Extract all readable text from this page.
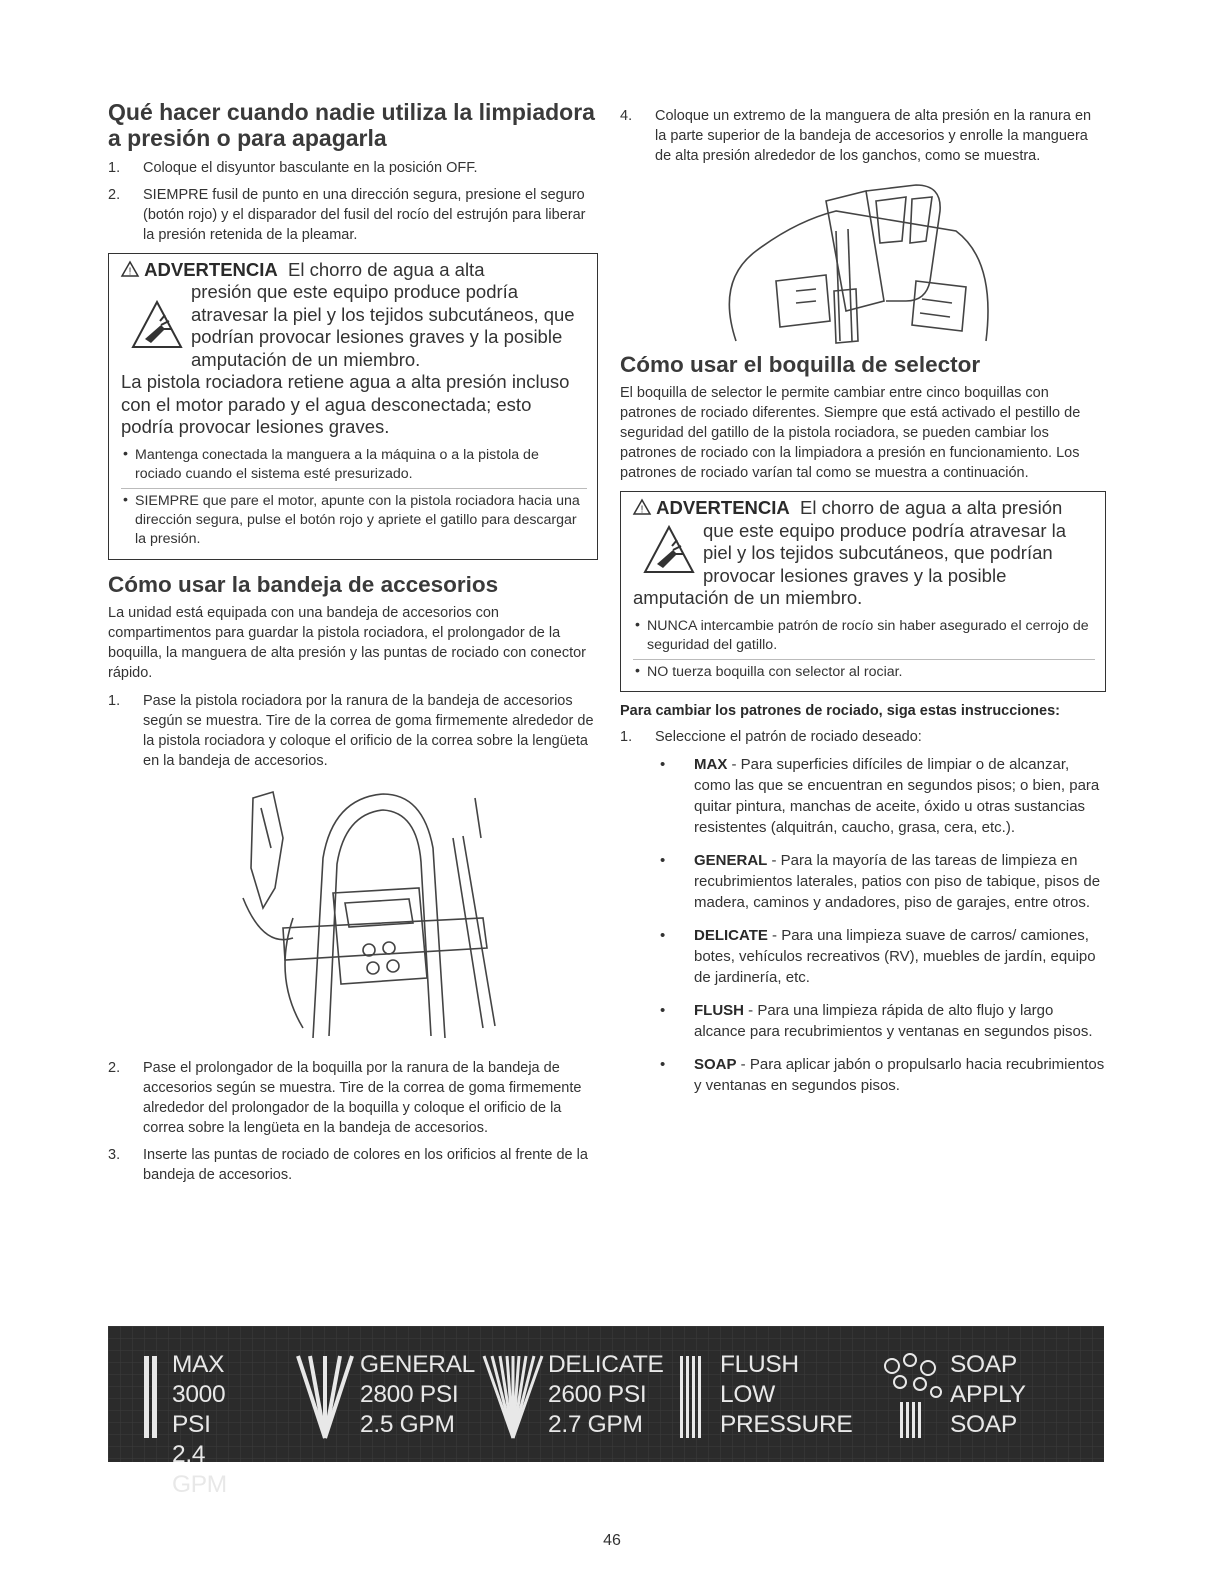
Qué hacer cuando nadie utiliza la limpiadora a presión o para apagarla
1. Coloque el disyuntor basculante en la posición OFF.
2. SIEMPRE fusil de punto en una dirección segura, presione el seguro (botón rojo) y el disparador del fusil del rocío del estrujón para liberar la presión retenida de la pleamar.
! ADVERTENCIA El chorro de agua a alta
presión que este equipo produce podría atravesar la piel y los tejidos subcutáneos, que podrían provocar lesiones graves y la posible amputación de un miembro.
La pistola rociadora retiene agua a alta presión incluso con el motor parado y el agua desconectada; esto podría provocar lesiones graves.
• Mantenga conectada la manguera a la máquina o a la pistola de rociado cuando el sistema esté presurizado.
• SIEMPRE que pare el motor, apunte con la pistola rociadora hacia una dirección segura, pulse el botón rojo y apriete el gatillo para descargar la presión.
Cómo usar la bandeja de accesorios

La unidad está equipada con una bandeja de accesorios con compartimentos para guardar la pistola rociadora, el prolongador de la boquilla, la manguera de alta presión y las puntas de rociado con conector rápido.

1. Pase la pistola rociadora por la ranura de la bandeja de accesorios según se muestra. Tire de la correa de goma firmemente alrededor de la pistola rociadora y coloque el orificio de la correa sobre la lengüeta en la bandeja de accesorios.
2. Pase el prolongador de la boquilla por la ranura de la bandeja de accesorios según se muestra. Tire de la correa de goma firmemente alrededor del prolongador de la boquilla y coloque el orificio de la correa sobre la lengüeta en la bandeja de accesorios.
3. Inserte las puntas de rociado de colores en los orificios al frente de la bandeja de accesorios.
4. Coloque un extremo de la manguera de alta presión en la ranura en la parte superior de la bandeja de accesorios y enrolle la manguera de alta presión alrededor de los ganchos, como se muestra.
Cómo usar el boquilla de selector

El boquilla de selector le permite cambiar entre cinco boquillas con patrones de rociado diferentes. Siempre que está activado el pestillo de seguridad del gatillo de la pistola rociadora, se pueden cambiar los patrones de rociado con la limpiadora a presión en funcionamiento. Los patrones de rociado varían tal como se muestra a continuación.

! ADVERTENCIA El chorro de agua a alta presión
que este equipo produce podría atravesar la piel y los tejidos subcutáneos, que podrían provocar lesiones graves y la posible amputación de un miembro.
• NUNCA intercambie patrón de rocío sin haber asegurado el cerrojo de seguridad del gatillo.
• NO tuerza boquilla con selector al rociar.
Para cambiar los patrones de rociado, siga estas instrucciones:
1. Seleccione el patrón de rociado deseado:
• MAX - Para superficies difíciles de limpiar o de alcanzar, como las que se encuentran en segundos pisos; o bien, para quitar pintura, manchas de aceite, óxido u otras sustancias resistentes (alquitrán, caucho, grasa, cera, etc.).
• GENERAL - Para la mayoría de las tareas de limpieza en recubrimientos laterales, patios con piso de tabique, pisos de madera, caminos y andadores, piso de garajes, entre otros.
• DELICATE - Para una limpieza suave de carros/ camiones, botes, vehículos recreativos (RV), muebles de jardín, equipo de jardinería, etc.
• FLUSH - Para una limpieza rápida de alto flujo y largo alcance para recubrimientos y ventanas en segundos pisos.
• SOAP - Para aplicar jabón o propulsarlo hacia recubrimientos y ventanas en segundos pisos.
MAX
3000 PSI
2.4 GPM
GENERAL
2800 PSI
2.5 GPM
DELICATE
2600 PSI
2.7 GPM
FLUSH
LOW
PRESSURE
SOAP
APPLY
SOAP
46
